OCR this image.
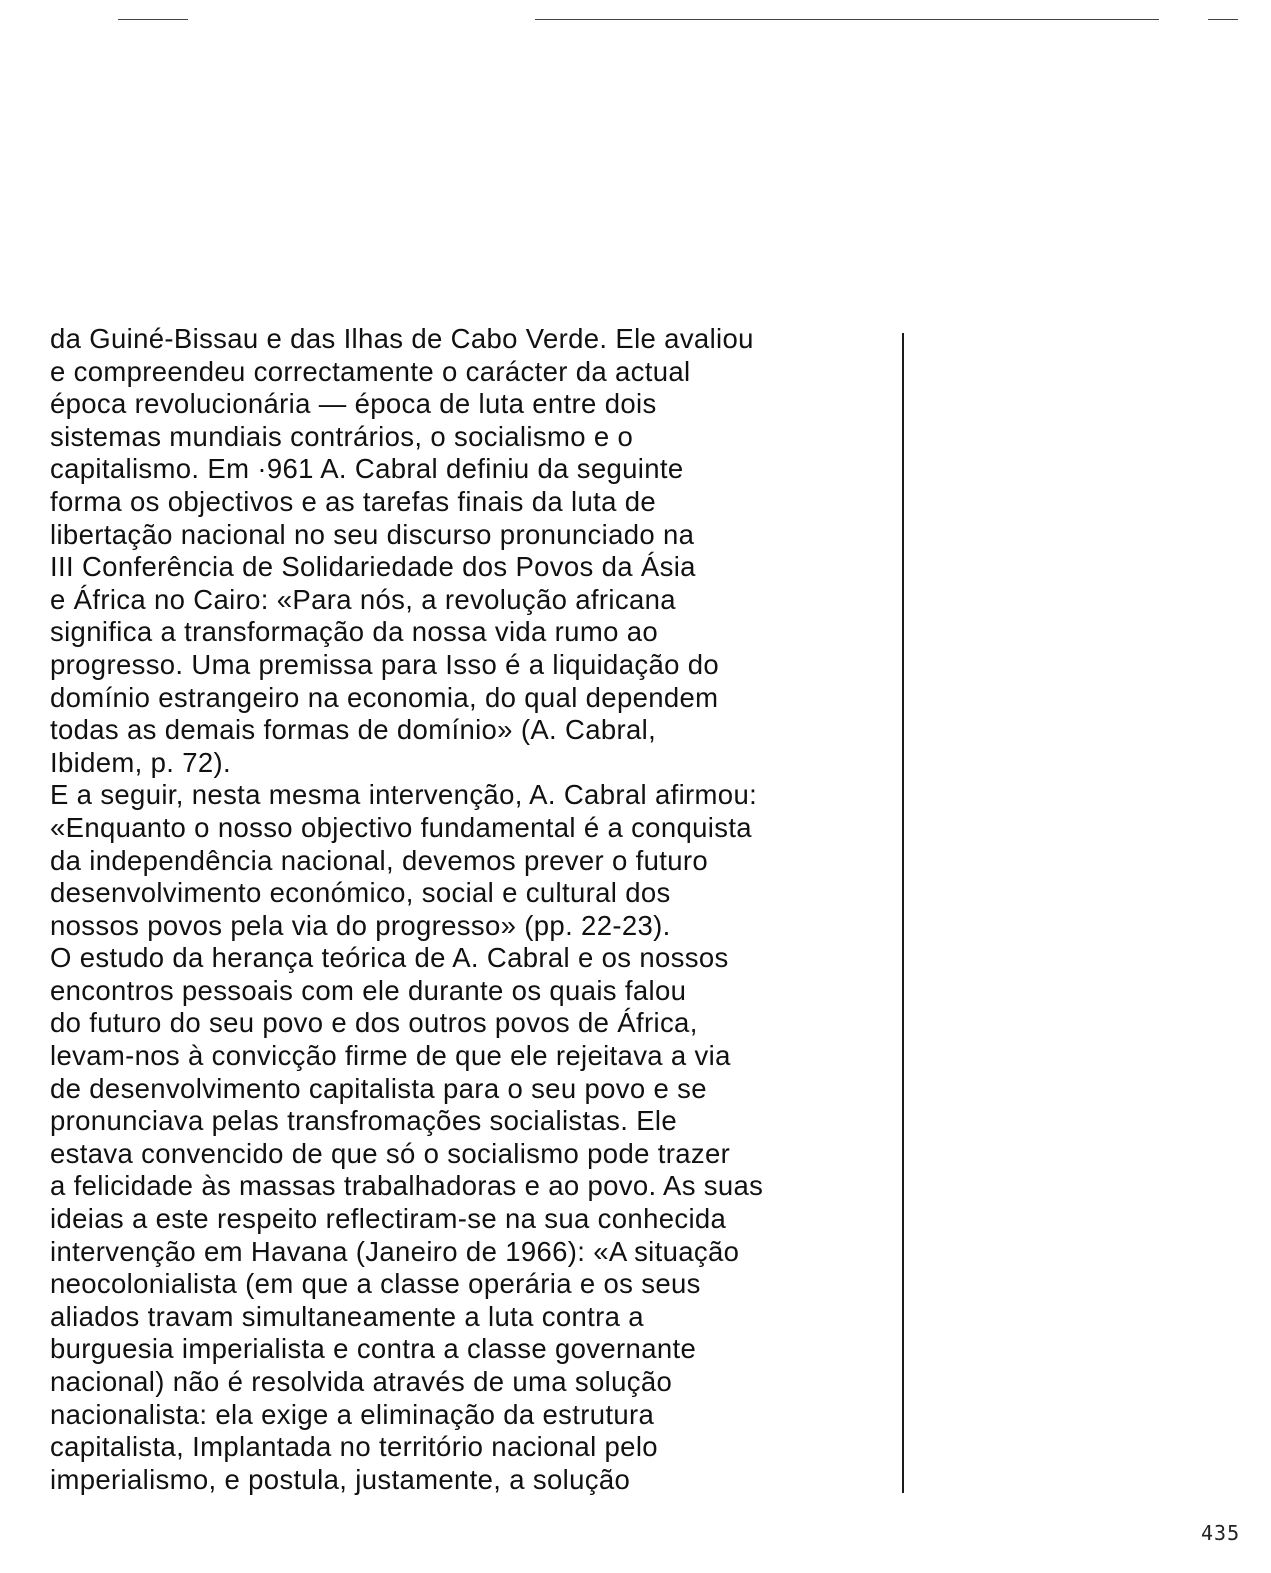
da Guiné-Bissau e das Ilhas de Cabo Verde. Ele avaliou
e compreendeu correctamente o carácter da actual
época revolucionária — época de luta entre dois
sistemas mundiais contrários, o socialismo e o
capitalismo. Em ·961 A. Cabral definiu da seguinte
forma os objectivos e as tarefas finais da luta de
libertação nacional no seu discurso pronunciado na
III Conferência de Solidariedade dos Povos da Ásia
e África no Cairo: «Para nós, a revolução africana
significa a transformação da nossa vida rumo ao
progresso. Uma premissa para Isso é a liquidação do
domínio estrangeiro na economia, do qual dependem
todas as demais formas de domínio» (A. Cabral,
Ibidem, p. 72).
E a seguir, nesta mesma intervenção, A. Cabral afirmou:
«Enquanto o nosso objectivo fundamental é a conquista
da independência nacional, devemos prever o futuro
desenvolvimento económico, social e cultural dos
nossos povos pela via do progresso» (pp. 22-23).
O estudo da herança teórica de A. Cabral e os nossos
encontros pessoais com ele durante os quais falou
do futuro do seu povo e dos outros povos de África,
levam-nos à convicção firme de que ele rejeitava a via
de desenvolvimento capitalista para o seu povo e se
pronunciava pelas transfromações socialistas. Ele
estava convencido de que só o socialismo pode trazer
a felicidade às massas trabalhadoras e ao povo. As suas
ideias a este respeito reflectiram-se na sua conhecida
intervenção em Havana (Janeiro de 1966): «A situação
neocolonialista (em que a classe operária e os seus
aliados travam simultaneamente a luta contra a
burguesia imperialista e contra a classe governante
nacional) não é resolvida através de uma solução
nacionalista: ela exige a eliminação da estrutura
capitalista, Implantada no território nacional pelo
imperialismo, e postula, justamente, a solução
435
